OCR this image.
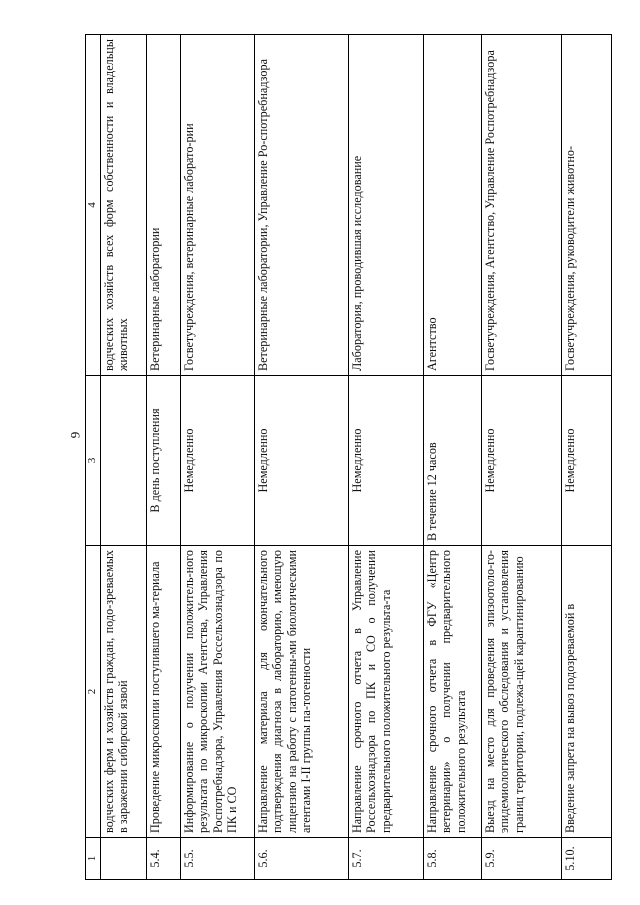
9
1	2	3	4
	водческих ферм и хозяйств граждан, подо-зреваемых в заражении сибирской язвой		водческих хозяйств всех форм собственности и владельцы животных
5.4.	Проведение микроскопии поступившего ма-териала	В день поступления	Ветеринарные лаборатории
5.5.	Информирование о получении положитель-ного результата по микроскопии Агентства, Управления Роспотребнадзора, Управления Россельхознадзора по ПК и СО	Немедленно	Госветучреждения, ветеринарные лаборато-рии
5.6.	Направление материала для окончательного подтверждения диагноза в лабораторию, имеющую лицензию на работу с патогенны-ми биологическими агентами I-II группы па-тогенности	Немедленно	Ветеринарные лаборатории, Управление Ро-спотребнадзора
5.7.	Направление срочного отчета в Управление Россельхознадзора по ПК и СО о получении предварительного положительного результа-та	Немедленно	Лаборатория, проводившая исследование
5.8.	Направление срочного отчета в ФГУ «Центр ветеринарии» о получении предварительного положительного результата	В течение 12 часов	Агентство
5.9.	Выезд на место для проведения эпизоотоло-го-эпидемиологического обследования и установления границ территории, подлежа-щей карантинированию	Немедленно	Госветучреждения, Агентство, Управление Роспотребнадзора
5.10.	Введение запрета на вывоз подозреваемой в	Немедленно	Госветучреждения, руководители животно-
